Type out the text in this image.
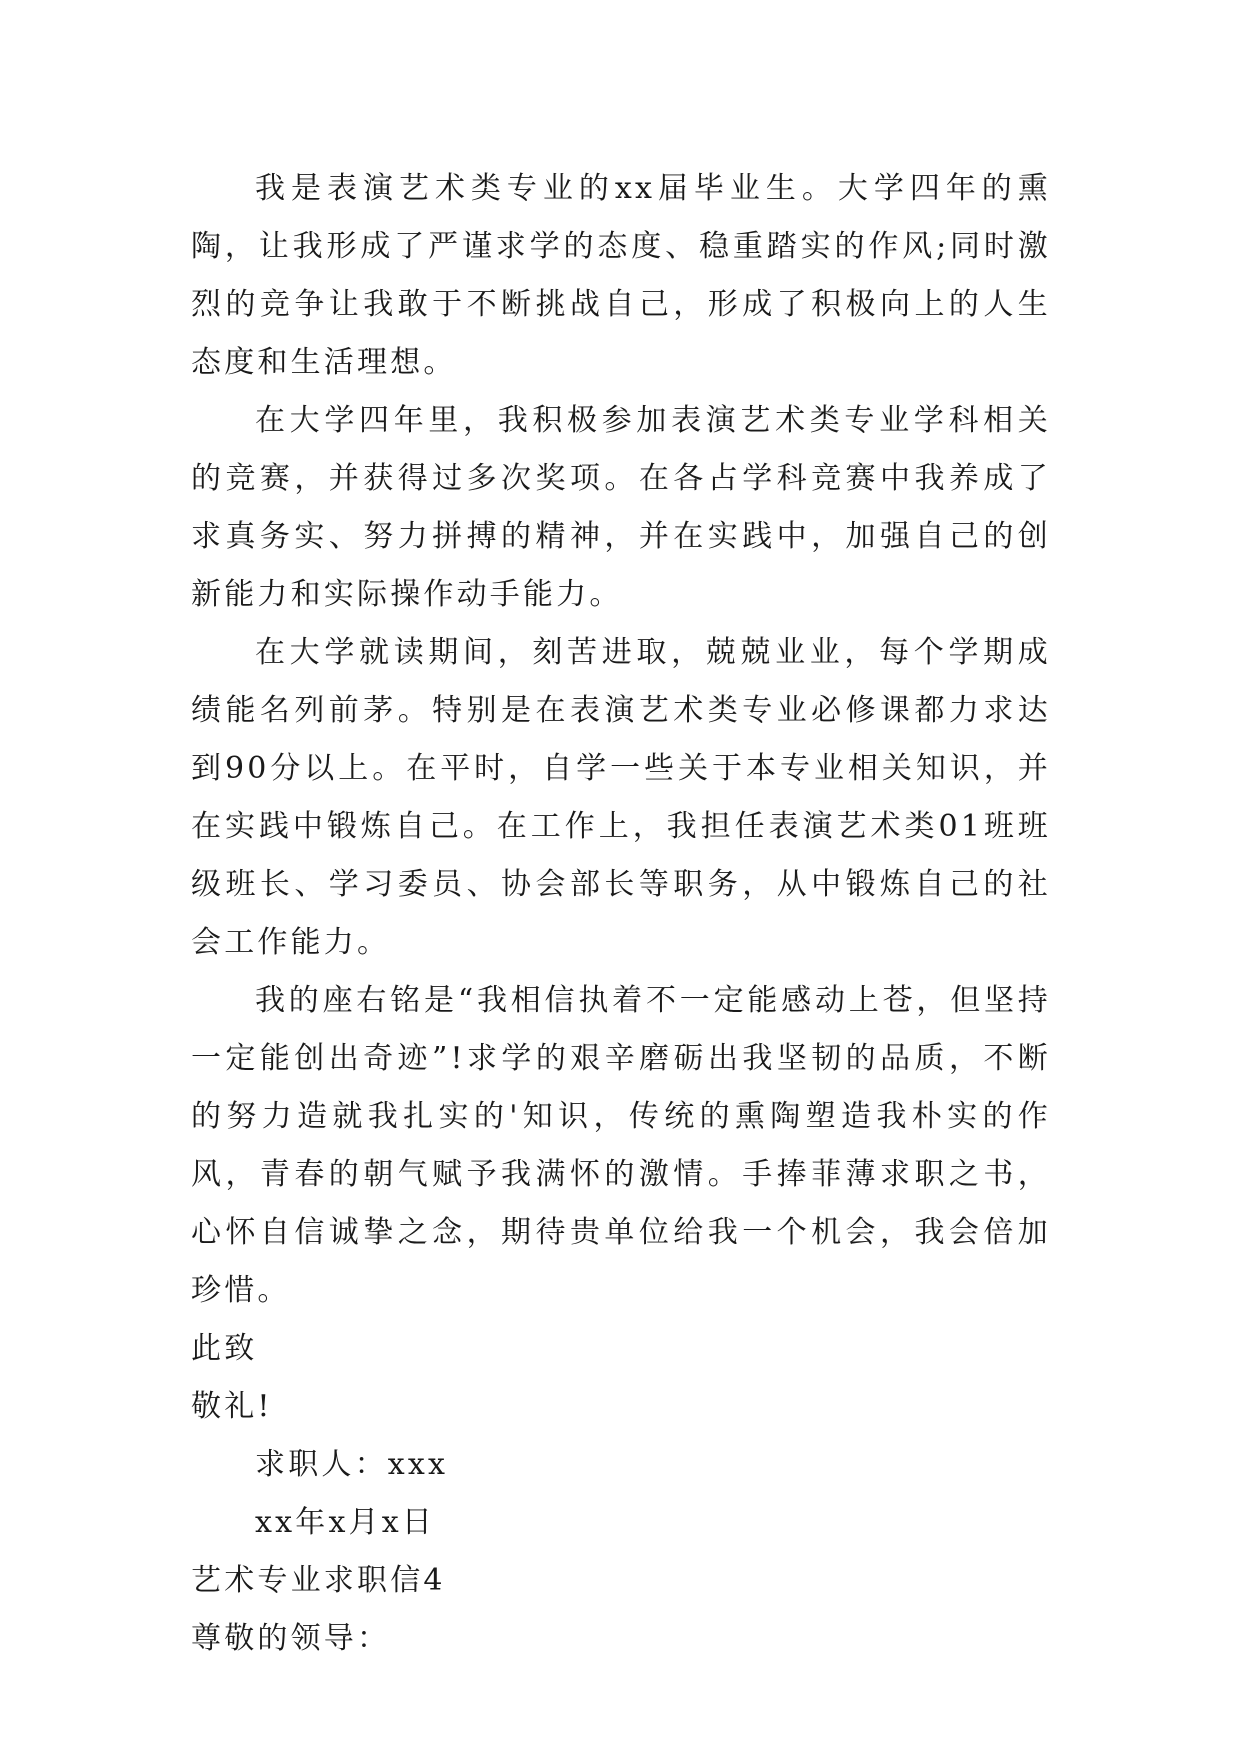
我是表演艺术类专业的xx届毕业生。大学四年的熏陶，让我形成了严谨求学的态度、稳重踏实的作风;同时激烈的竞争让我敢于不断挑战自己，形成了积极向上的人生态度和生活理想。

在大学四年里，我积极参加表演艺术类专业学科相关的竞赛，并获得过多次奖项。在各占学科竞赛中我养成了求真务实、努力拼搏的精神，并在实践中，加强自己的创新能力和实际操作动手能力。

在大学就读期间，刻苦进取，兢兢业业，每个学期成绩能名列前茅。特别是在表演艺术类专业必修课都力求达到90分以上。在平时，自学一些关于本专业相关知识，并在实践中锻炼自己。在工作上，我担任表演艺术类01班班级班长、学习委员、协会部长等职务，从中锻炼自己的社会工作能力。

我的座右铭是“我相信执着不一定能感动上苍，但坚持一定能创出奇迹”!求学的艰辛磨砺出我坚韧的品质，不断的努力造就我扎实的'知识，传统的熏陶塑造我朴实的作风，青春的朝气赋予我满怀的激情。手捧菲薄求职之书，心怀自信诚挚之念，期待贵单位给我一个机会，我会倍加珍惜。

此致

敬礼!

求职人：xxx

xx年x月x日

艺术专业求职信4

尊敬的领导：
